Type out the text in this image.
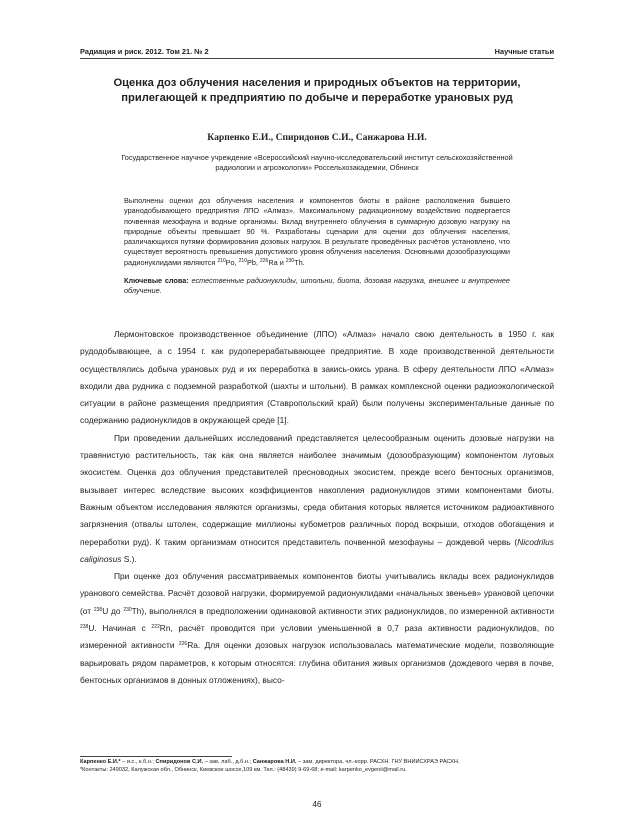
Радиация и риск. 2012. Том 21. № 2	Научные статьи
Оценка доз облучения населения и природных объектов на территории, прилегающей к предприятию по добыче и переработке урановых руд
Карпенко Е.И., Спиридонов С.И., Санжарова Н.И.
Государственное научное учреждение «Всероссийский научно-исследовательский институт сельскохозяйственной радиологии и агроэкологии» Россельхозакадемии, Обнинск
Выполнены оценки доз облучения населения и компонентов биоты в районе расположения бывшего уранодобывающего предприятия ЛПО «Алмаз». Максимальному радиационному воздействию подвергается почвенная мезофауна и водные организмы. Вклад внутреннего облучения в суммарную дозовую нагрузку на природные объекты превышает 90 %. Разработаны сценарии для оценки доз облучения населения, различающихся путями формирования дозовых нагрузок. В результате проведённых расчётов установлено, что существует вероятность превышения допустимого уровня облучения населения. Основными дозообразующими радионуклидами являются $^{210}$Po, $^{210}$Pb, $^{226}$Ra и $^{230}$Th.
Ключевые слова: естественные радионуклиды, штольни, биота, дозовая нагрузка, внешнее и внутреннее облучение.

Лермонтовское производственное объединение (ЛПО) «Алмаз» начало свою деятельность в 1950 г. как рудодобывающее, а с 1954 г. как рудоперерабатывающее предприятие. В ходе производственной деятельности осуществлялись добыча урановых руд и их переработка в закись-окись урана. В сферу деятельности ЛПО «Алмаз» входили два рудника с подземной разработкой (шахты и штольни). В рамках комплексной оценки радиоэкологической ситуации в районе размещения предприятия (Ставропольский край) были получены экспериментальные данные по содержанию радионуклидов в окружающей среде [1].

При проведении дальнейших исследований представляется целесообразным оценить дозовые нагрузки на травянистую растительность, так как она является наиболее значимым (дозообразующим) компонентом луговых экосистем. Оценка доз облучения представителей пресноводных экосистем, прежде всего бентосных организмов, вызывает интерес вследствие высоких коэффициентов накопления радионуклидов этими компонентами биоты. Важным объектом исследования являются организмы, среда обитания которых является источником радиоактивного загрязнения (отвалы штолен, содержащие миллионы кубометров различных пород вскрыши, отходов обогащения и переработки руд). К таким организмам относится представитель почвенной мезофауны – дождевой червь (Nicodrilus caliginosus S.).

При оценке доз облучения рассматриваемых компонентов биоты учитывались вклады всех радионуклидов уранового семейства. Расчёт дозовой нагрузки, формируемой радионуклидами «начальных звеньев» урановой цепочки (от $^{238}$U до $^{230}$Th), выполнялся в предположении одинаковой активности этих радионуклидов, по измеренной активности $^{238}$U. Начиная с $^{222}$Rn, расчёт проводится при условии уменьшенной в 0,7 раза активности радионуклидов, по измеренной активности $^{226}$Ra. Для оценки дозовых нагрузок использовалась математические модели, позволяющие варьировать рядом параметров, к которым относятся: глубина обитания живых организмов (дождевого червя в почве, бентосных организмов в донных отложениях), высо-

Карпенко Е.И.* – и.с., к.б.н.; Спиридонов С.И. – зав. лаб., д.б.н.; Санжарова Н.И. – зам. директора, чл.-корр. РАСХН. ГНУ ВНИИСХРАЭ РАСХН.
*Контакты: 249032, Калужская обл., Обнинск, Киевское шоссе,109 км. Тел.: (48439) 9-69-68; e-mail: karpenko_evgenii@mail.ru.
46
